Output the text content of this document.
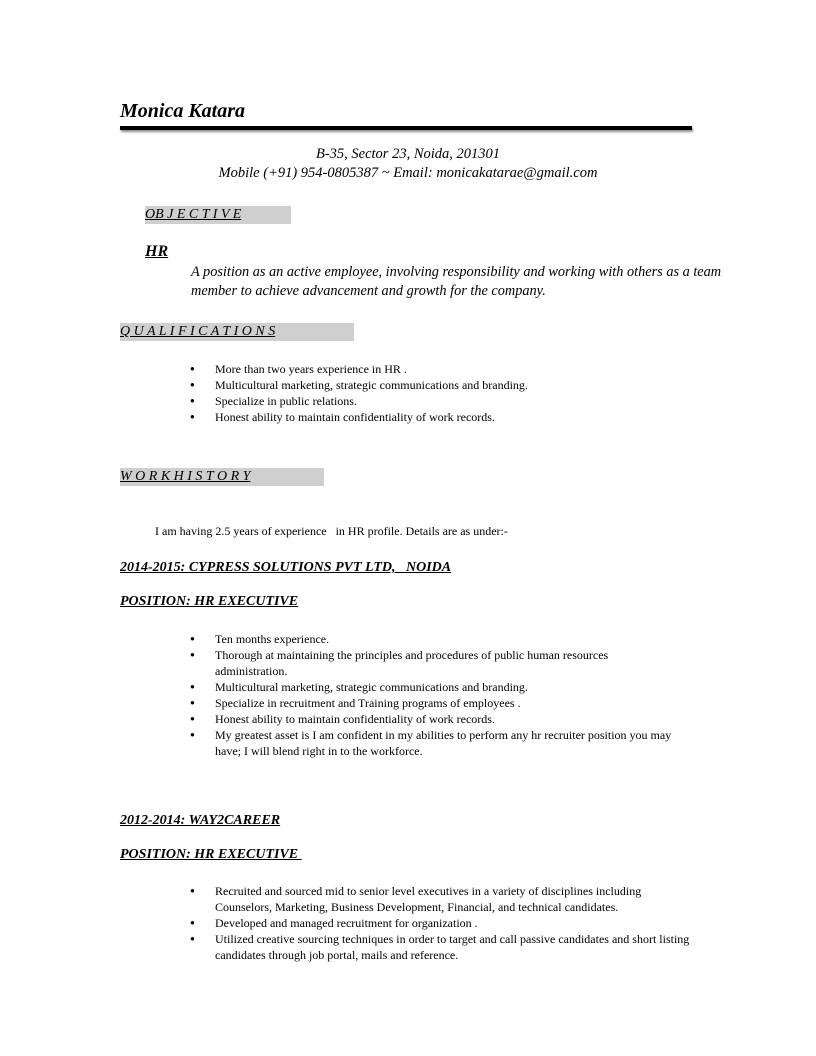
Monica Katara
B-35, Sector 23, Noida, 201301
Mobile (+91) 954-0805387 ~ Email: monicakatarae@gmail.com
OB J E C T I V E
HR
A position as an active employee, involving responsibility and working with others as a team member to achieve advancement and growth for the company.
Q U A L I F I C A T I O N S
● More than two years experience in HR .
● Multicultural marketing, strategic communications and branding.
● Specialize in public relations.
● Honest ability to maintain confidentiality of work records.
W O R K H I S T O R Y
I am having 2.5 years of experience   in HR profile. Details are as under:-
2014-2015: CYPRESS SOLUTIONS PVT LTD,   NOIDA
POSITION: HR EXECUTIVE
● Ten months experience.
● Thorough at maintaining the principles and procedures of public human resources administration.
● Multicultural marketing, strategic communications and branding.
● Specialize in recruitment and Training programs of employees .
● Honest ability to maintain confidentiality of work records.
● My greatest asset is I am confident in my abilities to perform any hr recruiter position you may have; I will blend right in to the workforce.
2012-2014: WAY2CAREER
POSITION: HR EXECUTIVE
● Recruited and sourced mid to senior level executives in a variety of disciplines including Counselors, Marketing, Business Development, Financial, and technical candidates.
● Developed and managed recruitment for organization .
● Utilized creative sourcing techniques in order to target and call passive candidates and short listing candidates through job portal, mails and reference.
